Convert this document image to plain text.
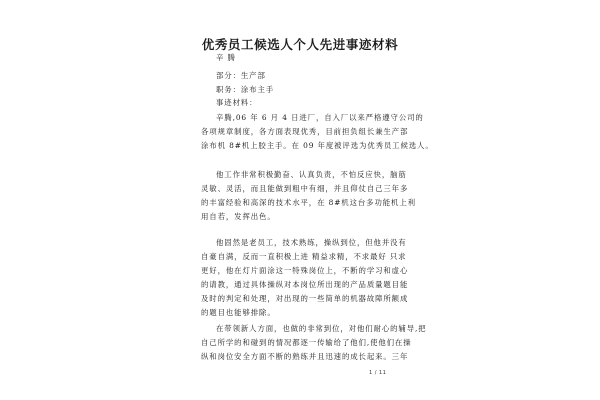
优秀员工候选人个人先进事迹材料
辛 腾
部分：生产部
职务：涂布主手
事迹材料：
辛腾,06 年 6 月 4 日进厂，自入厂以来严格遵守公司的
各项规章制度，各方面表现优秀，目前担负组长兼生产部
涂布机 8#机上胶主手。在 09 年度被评选为优秀员工候选人。
他工作非常积极勤奋、认真负责，不怕反应快，脑筋
灵敏、灵活，而且能做到粗中有细，并且仰仗自己三年多
的丰富经验和高深的技术水平，在 8#机这台多功能机上利
用自若，发挥出色。
他固然是老员工，技术熟练，操纵到位，但他并没有
自豪自满，反而一直积极上进 精益求精，不求最好 只求
更好，他在灯片面涂这一特殊岗位上，不断的学习和虚心
的请教，通过具体操纵对本岗位所出现的产品质量题目能
及时的判定和处理，对出现的一些简单的机器故障所额成
的题目也能够排除。
在带领新人方面，也做的非常到位，对他们耐心的辅导,把
自己所学的和碰到的情况都逐一传输给了他们,使他们在操
纵和岗位安全方面不断的熟练并且迅速的成长起来。三年
1 / 11
